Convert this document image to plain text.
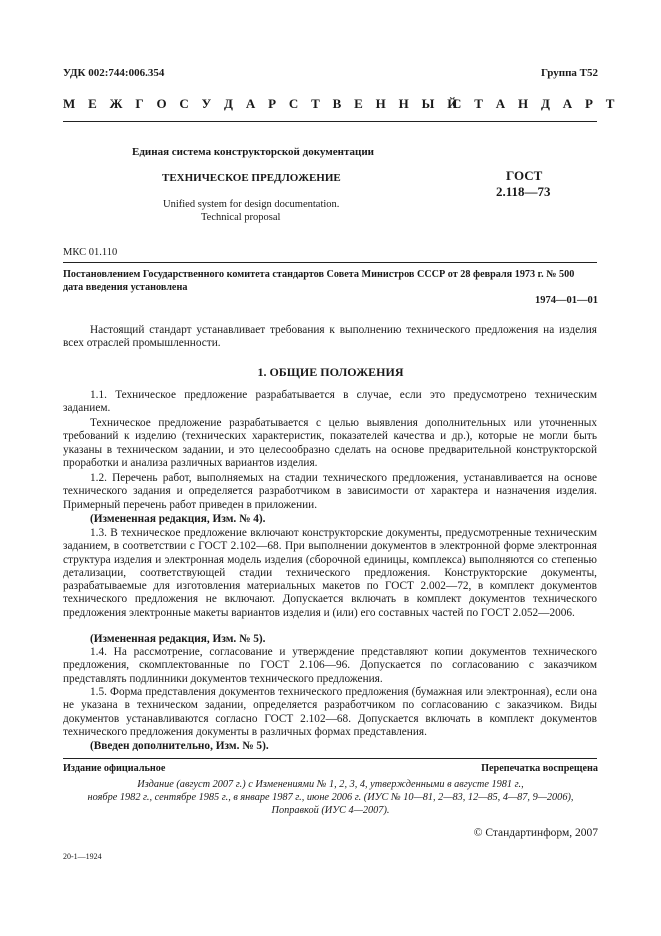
УДК 002:744:006.354	Группа Т52
М Е Ж Г О С У Д А Р С Т В Е Н Н Ы Й
С Т А Н Д А Р Т
Единая система конструкторской документации
ТЕХНИЧЕСКОЕ ПРЕДЛОЖЕНИЕ
Unified system for design documentation.
Technical proposal
ГОСТ
2.118—73
МКС 01.110
Постановлением Государственного комитета стандартов Совета Министров СССР от 28 февраля 1973 г. № 500
дата введения установлена
1974—01—01

Настоящий стандарт устанавливает требования к выполнению технического предложения на изделия всех отраслей промышленности.

1. ОБЩИЕ ПОЛОЖЕНИЯ

1.1. Техническое предложение разрабатывается в случае, если это предусмотрено техническим заданием.

Техническое предложение разрабатывается с целью выявления дополнительных или уточненных требований к изделию (технических характеристик, показателей качества и др.), которые не могли быть указаны в техническом задании, и это целесообразно сделать на основе предварительной конструкторской проработки и анализа различных вариантов изделия.

1.2. Перечень работ, выполняемых на стадии технического предложения, устанавливается на основе технического задания и определяется разработчиком в зависимости от характера и назначения изделия. Примерный перечень работ приведен в приложении.

(Измененная редакция, Изм. № 4).

1.3. В техническое предложение включают конструкторские документы, предусмотренные техническим заданием, в соответствии с ГОСТ 2.102—68. При выполнении документов в электронной форме электронная структура изделия и электронная модель изделия (сборочной единицы, комплекса) выполняются со степенью детализации, соответствующей стадии технического предложения. Конструкторские документы, разрабатываемые для изготовления материальных макетов по ГОСТ 2.002—72, в комплект документов технического предложения не включают. Допускается включать в комплект документов технического предложения электронные макеты вариантов изделия и (или) его составных частей по ГОСТ 2.052—2006.

(Измененная редакция, Изм. № 5).

1.4. На рассмотрение, согласование и утверждение представляют копии документов технического предложения, скомплектованные по ГОСТ 2.106—96. Допускается по согласованию с заказчиком представлять подлинники документов технического предложения.

1.5. Форма представления документов технического предложения (бумажная или электронная), если она не указана в техническом задании, определяется разработчиком по согласованию с заказчиком. Виды документов устанавливаются согласно ГОСТ 2.102—68. Допускается включать в комплект документов технического предложения документы в различных формах представления.

(Введен дополнительно, Изм. № 5).
Издание официальное	Перепечатка воспрещена
Издание (август 2007 г.) с Изменениями № 1, 2, 3, 4, утвержденными в августе 1981 г.,
ноябре 1982 г., сентябре 1985 г., в январе 1987 г., июне 2006 г. (ИУС № 10—81, 2—83, 12—85, 4—87, 9—2006),
Поправкой (ИУС 4—2007).
© Стандартинформ, 2007
20-1—1924
